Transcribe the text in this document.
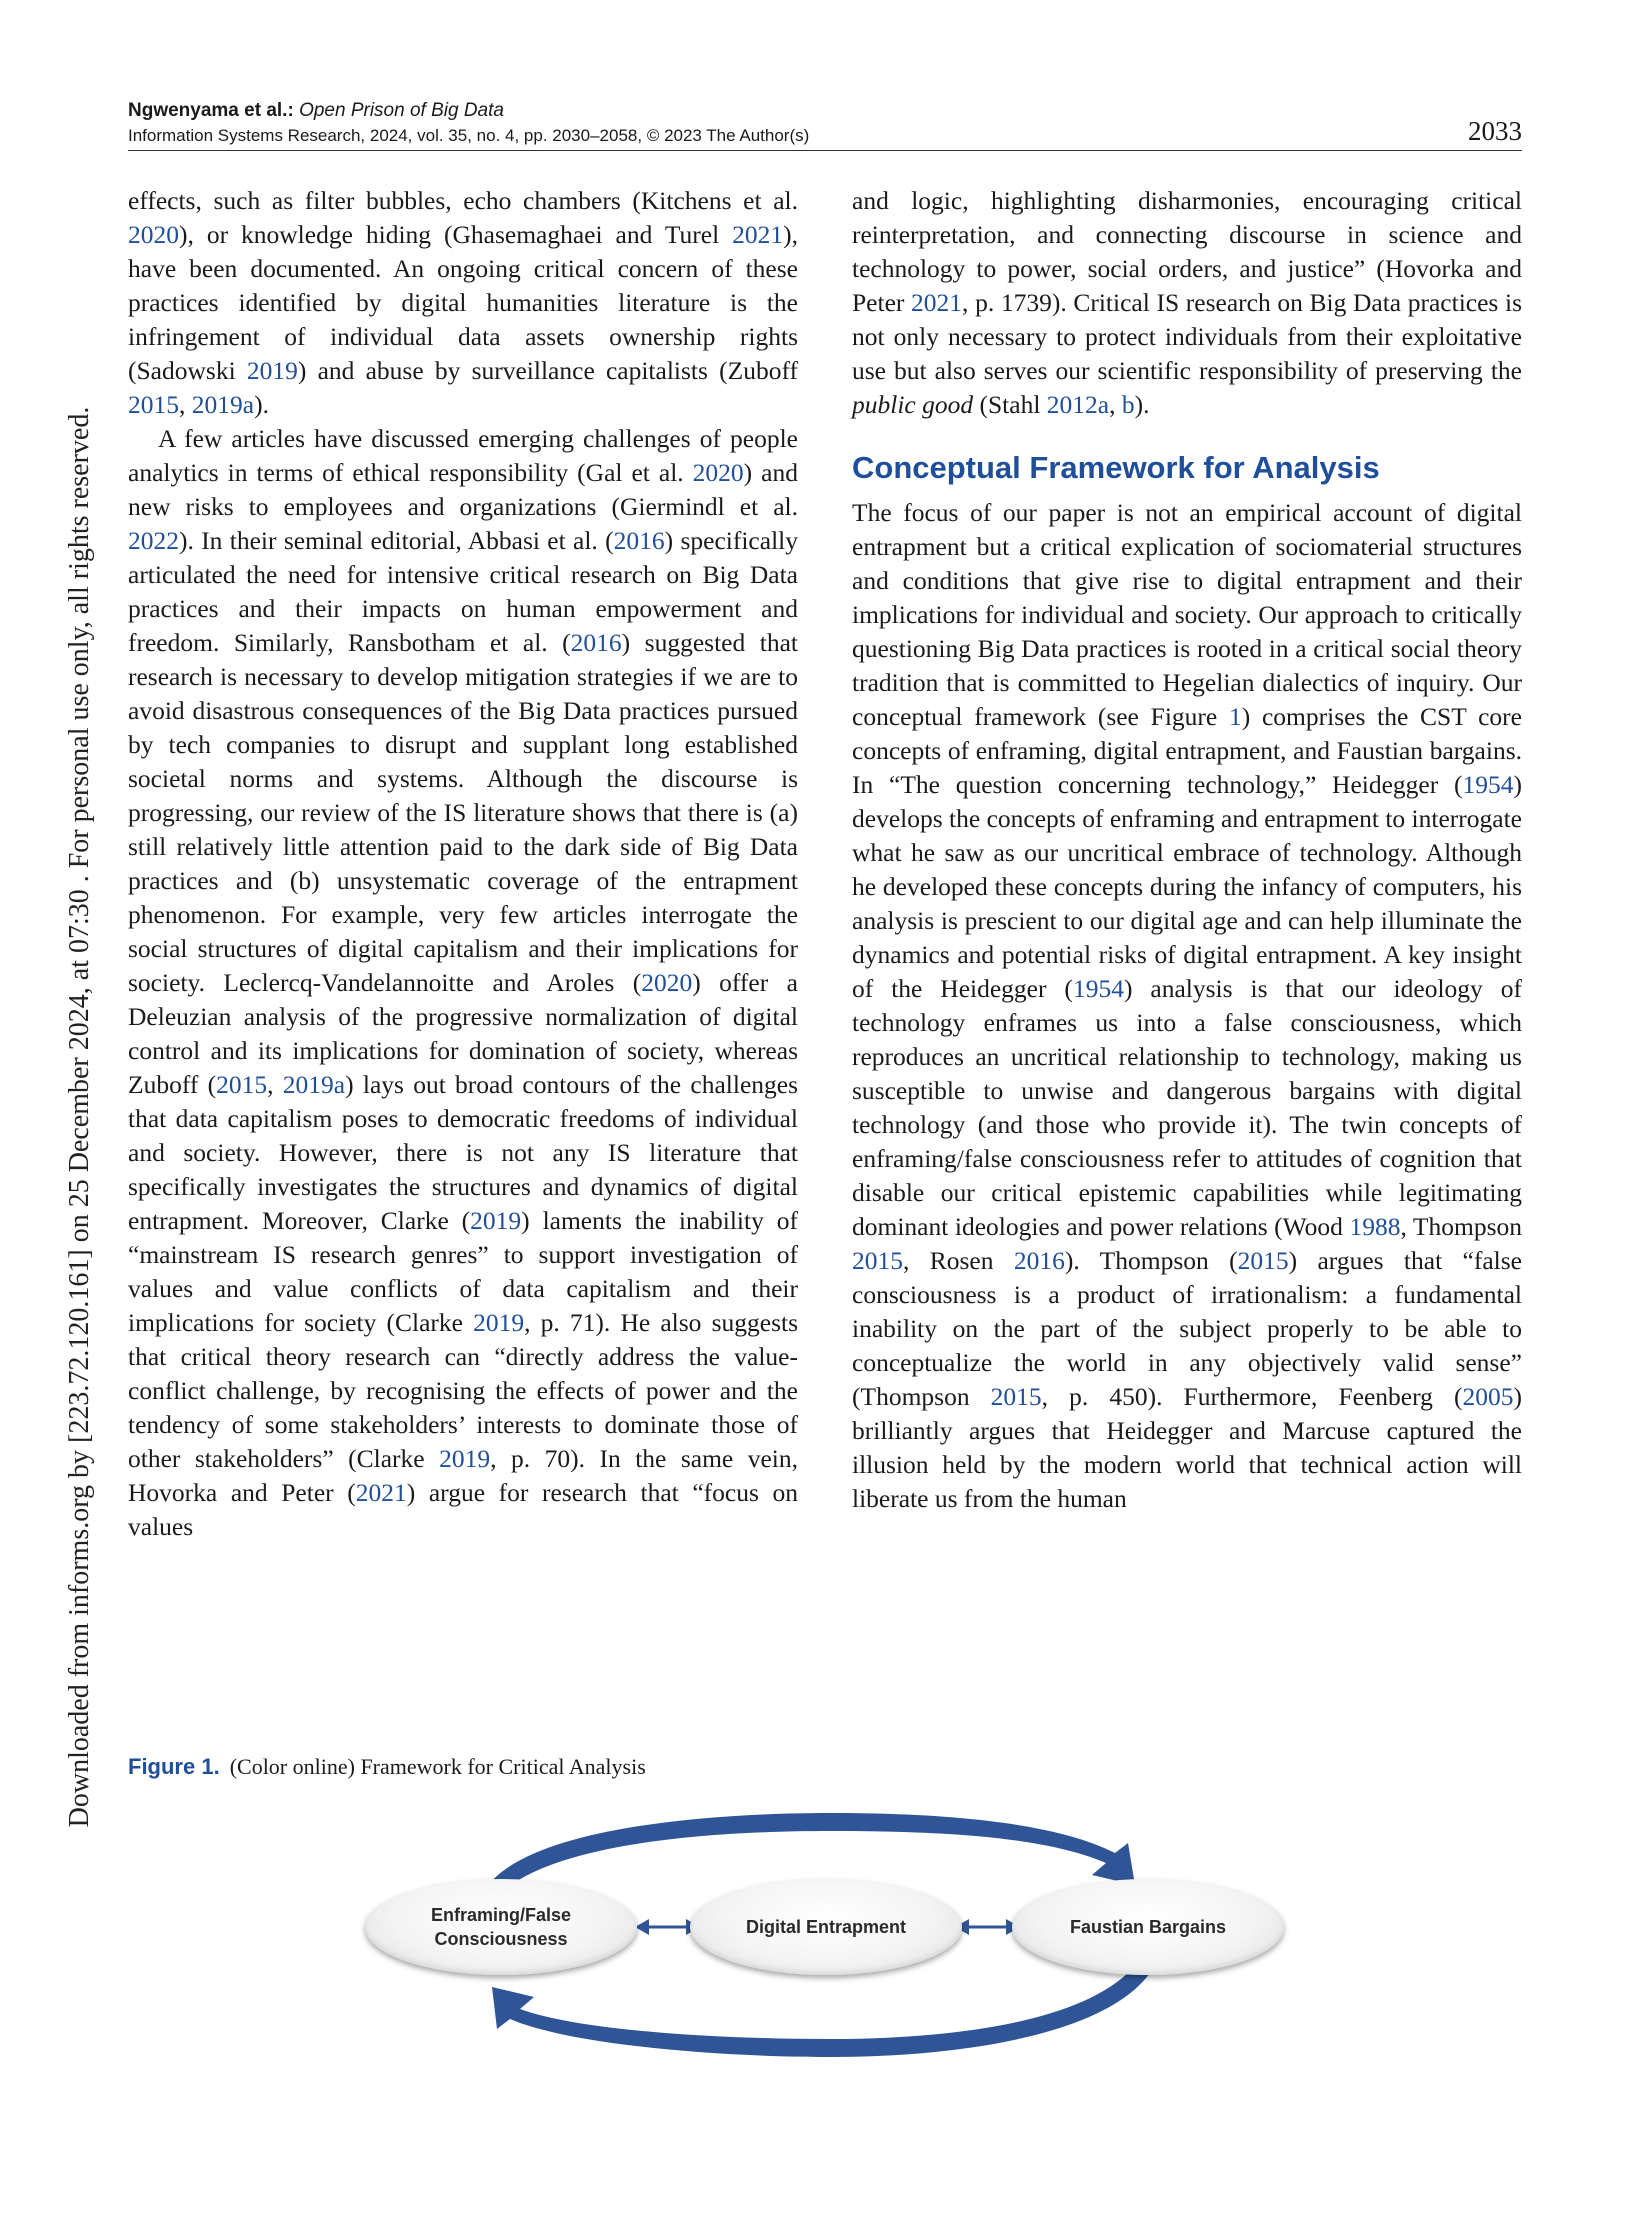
Downloaded from informs.org by [223.72.120.161] on 25 December 2024, at 07:30 . For personal use only, all rights reserved.
Ngwenyama et al.: Open Prison of Big Data
Information Systems Research, 2024, vol. 35, no. 4, pp. 2030–2058, © 2023 The Author(s)	2033

effects, such as filter bubbles, echo chambers (Kitchens et al. 2020), or knowledge hiding (Ghasemaghaei and Turel 2021), have been documented. An ongoing critical concern of these practices identified by digital humanities literature is the infringement of individual data assets ownership rights (Sadowski 2019) and abuse by surveillance capitalists (Zuboff 2015, 2019a).

A few articles have discussed emerging challenges of people analytics in terms of ethical responsibility (Gal et al. 2020) and new risks to employees and organizations (Giermindl et al. 2022). In their seminal editorial, Abbasi et al. (2016) specifically articulated the need for intensive critical research on Big Data practices and their impacts on human empowerment and freedom. Similarly, Ransbotham et al. (2016) suggested that research is necessary to develop mitigation strategies if we are to avoid disastrous consequences of the Big Data practices pursued by tech companies to disrupt and supplant long established societal norms and systems. Although the discourse is progressing, our review of the IS literature shows that there is (a) still relatively little attention paid to the dark side of Big Data practices and (b) unsystematic coverage of the entrapment phenomenon. For example, very few articles interrogate the social structures of digital capitalism and their implications for society. Leclercq-Vandelannoitte and Aroles (2020) offer a Deleuzian analysis of the progressive normalization of digital control and its implications for domination of society, whereas Zuboff (2015, 2019a) lays out broad contours of the challenges that data capitalism poses to democratic freedoms of individual and society. However, there is not any IS literature that specifically investigates the structures and dynamics of digital entrapment. Moreover, Clarke (2019) laments the inability of “mainstream IS research genres” to support investigation of values and value conflicts of data capitalism and their implications for society (Clarke 2019, p. 71). He also suggests that critical theory research can “directly address the value-conflict challenge, by recognising the effects of power and the tendency of some stakeholders’ interests to dominate those of other stakeholders” (Clarke 2019, p. 70). In the same vein, Hovorka and Peter (2021) argue for research that “focus on values

and logic, highlighting disharmonies, encouraging critical reinterpretation, and connecting discourse in science and technology to power, social orders, and justice” (Hovorka and Peter 2021, p. 1739). Critical IS research on Big Data practices is not only necessary to protect individuals from their exploitative use but also serves our scientific responsibility of preserving the public good (Stahl 2012a, b).

Conceptual Framework for Analysis

The focus of our paper is not an empirical account of digital entrapment but a critical explication of sociomaterial structures and conditions that give rise to digital entrapment and their implications for individual and society. Our approach to critically questioning Big Data practices is rooted in a critical social theory tradition that is committed to Hegelian dialectics of inquiry. Our conceptual framework (see Figure 1) comprises the CST core concepts of enframing, digital entrapment, and Faustian bargains. In “The question concerning technology,” Heidegger (1954) develops the concepts of enframing and entrapment to interrogate what he saw as our uncritical embrace of technology. Although he developed these concepts during the infancy of computers, his analysis is prescient to our digital age and can help illuminate the dynamics and potential risks of digital entrapment. A key insight of the Heidegger (1954) analysis is that our ideology of technology enframes us into a false consciousness, which reproduces an uncritical relationship to technology, making us susceptible to unwise and dangerous bargains with digital technology (and those who provide it). The twin concepts of enframing/false consciousness refer to attitudes of cognition that disable our critical epistemic capabilities while legitimating dominant ideologies and power relations (Wood 1988, Thompson 2015, Rosen 2016). Thompson (2015) argues that “false consciousness is a product of irrationalism: a fundamental inability on the part of the subject properly to be able to conceptualize the world in any objectively valid sense” (Thompson 2015, p. 450). Furthermore, Feenberg (2005) brilliantly argues that Heidegger and Marcuse captured the illusion held by the modern world that technical action will liberate us from the human

Figure 1. (Color online) Framework for Critical Analysis
Enframing/False Consciousness
Digital Entrapment	Faustian Bargains
